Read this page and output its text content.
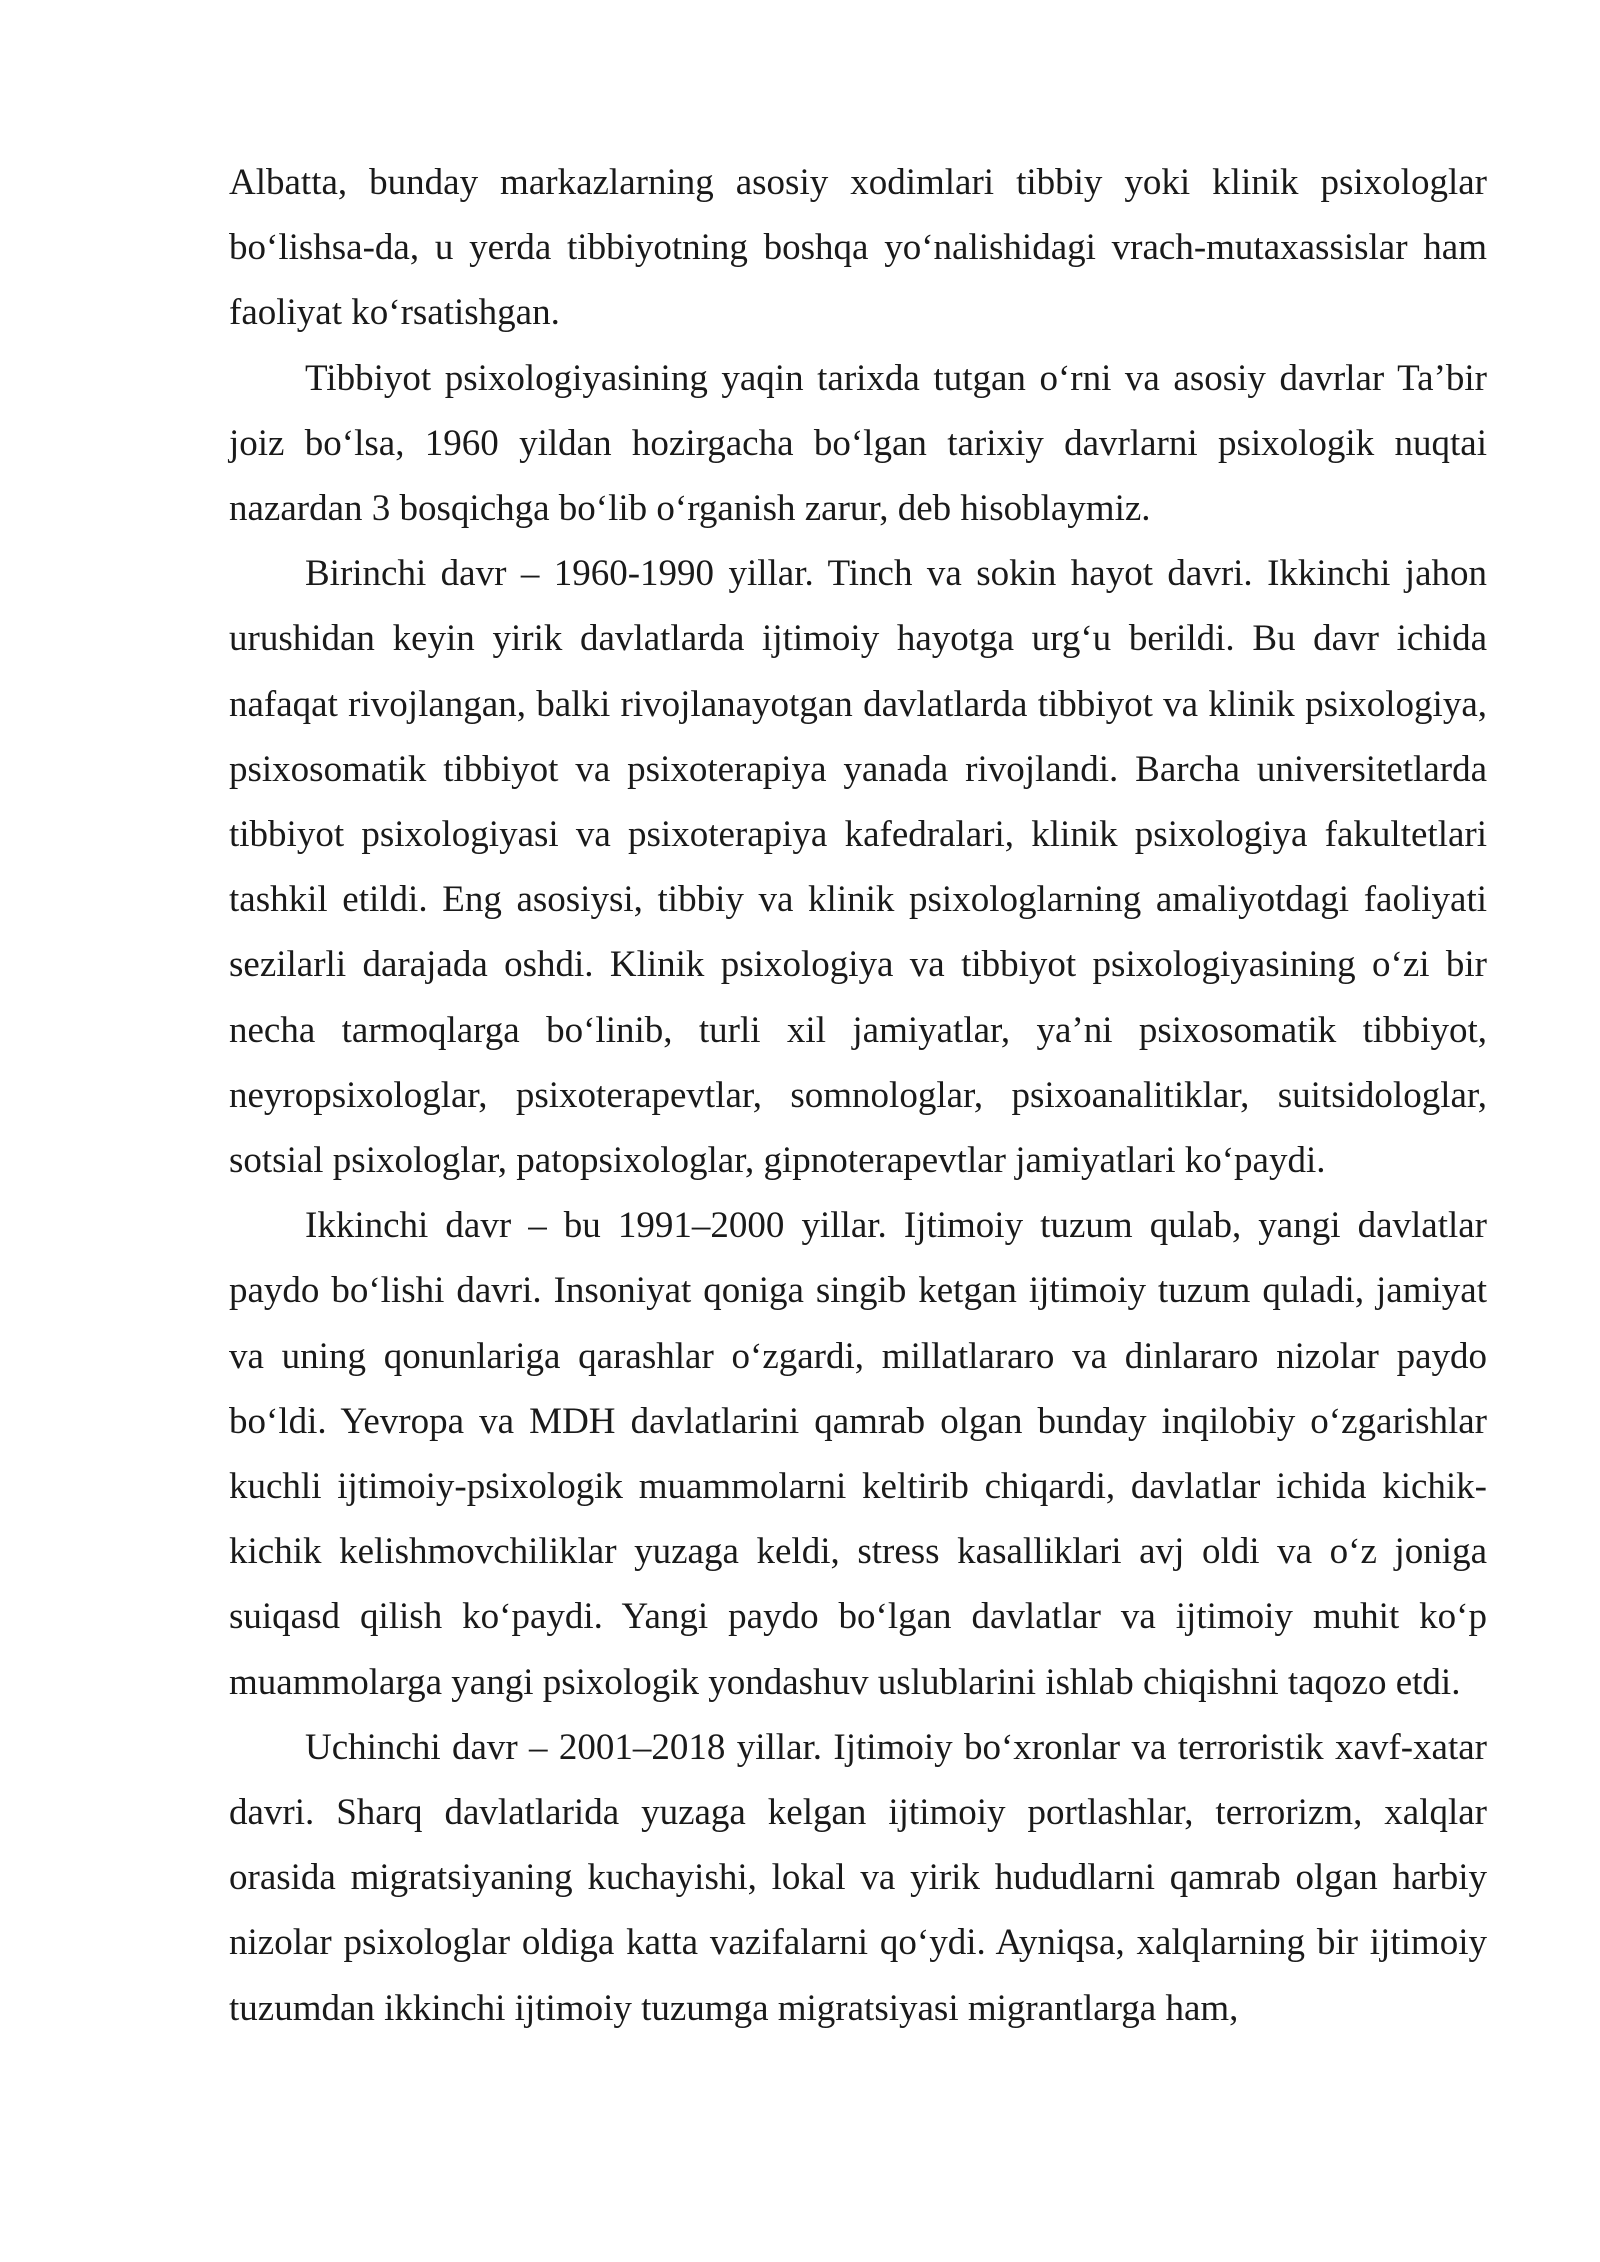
Albatta, bunday markazlarning asosiy xodimlari tibbiy yoki klinik psixologlar boʻlishsa-da, u yerda tibbiyotning boshqa yoʻnalishidagi vrach-mutaxassislar ham faoliyat koʻrsatishgan.

Tibbiyot psixologiyasining yaqin tarixda tutgan oʻrni va asosiy davrlar Ta’bir joiz boʻlsa, 1960 yildan hozirgacha boʻlgan tarixiy davrlarni psixologik nuqtai nazardan 3 bosqichga boʻlib oʻrganish zarur, deb hisoblaymiz.

Birinchi davr – 1960-1990 yillar. Tinch va sokin hayot davri. Ikkinchi jahon urushidan keyin yirik davlatlarda ijtimoiy hayotga urgʻu berildi. Bu davr ichida nafaqat rivojlangan, balki rivojlanayotgan davlatlarda tibbiyot va klinik psixologiya, psixosomatik tibbiyot va psixoterapiya yanada rivojlandi. Barcha universitetlarda tibbiyot psixologiyasi va psixoterapiya kafedralari, klinik psixologiya fakultetlari tashkil etildi. Eng asosiysi, tibbiy va klinik psixologlarning amaliyotdagi faoliyati sezilarli darajada oshdi. Klinik psixologiya va tibbiyot psixologiyasining oʻzi bir necha tarmoqlarga boʻlinib, turli xil jamiyatlar, ya’ni psixosomatik tibbiyot, neyropsixologlar, psixoterapevtlar, somnologlar, psixoanalitiklar, suitsidologlar, sotsial psixologlar, patopsixologlar, gipnoterapevtlar jamiyatlari koʻpaydi.

Ikkinchi davr – bu 1991–2000 yillar. Ijtimoiy tuzum qulab, yangi davlatlar paydo boʻlishi davri. Insoniyat qoniga singib ketgan ijtimoiy tuzum quladi, jamiyat va uning qonunlariga qarashlar oʻzgardi, millatlararo va dinlararo nizolar paydo boʻldi. Yevropa va MDH davlatlarini qamrab olgan bunday inqilobiy oʻzgarishlar kuchli ijtimoiy-psixologik muammolarni keltirib chiqardi, davlatlar ichida kichik-kichik kelishmovchiliklar yuzaga keldi, stress kasalliklari avj oldi va oʻz joniga suiqasd qilish koʻpaydi. Yangi paydo boʻlgan davlatlar va ijtimoiy muhit koʻp muammolarga yangi psixologik yondashuv uslublarini ishlab chiqishni taqozo etdi.

Uchinchi davr – 2001–2018 yillar. Ijtimoiy boʻxronlar va terroristik xavf-xatar davri. Sharq davlatlarida yuzaga kelgan ijtimoiy portlashlar, terrorizm, xalqlar orasida migratsiyaning kuchayishi, lokal va yirik hududlarni qamrab olgan harbiy nizolar psixologlar oldiga katta vazifalarni qoʻydi. Ayniqsa, xalqlarning bir ijtimoiy tuzumdan ikkinchi ijtimoiy tuzumga migratsiyasi migrantlarga ham,
